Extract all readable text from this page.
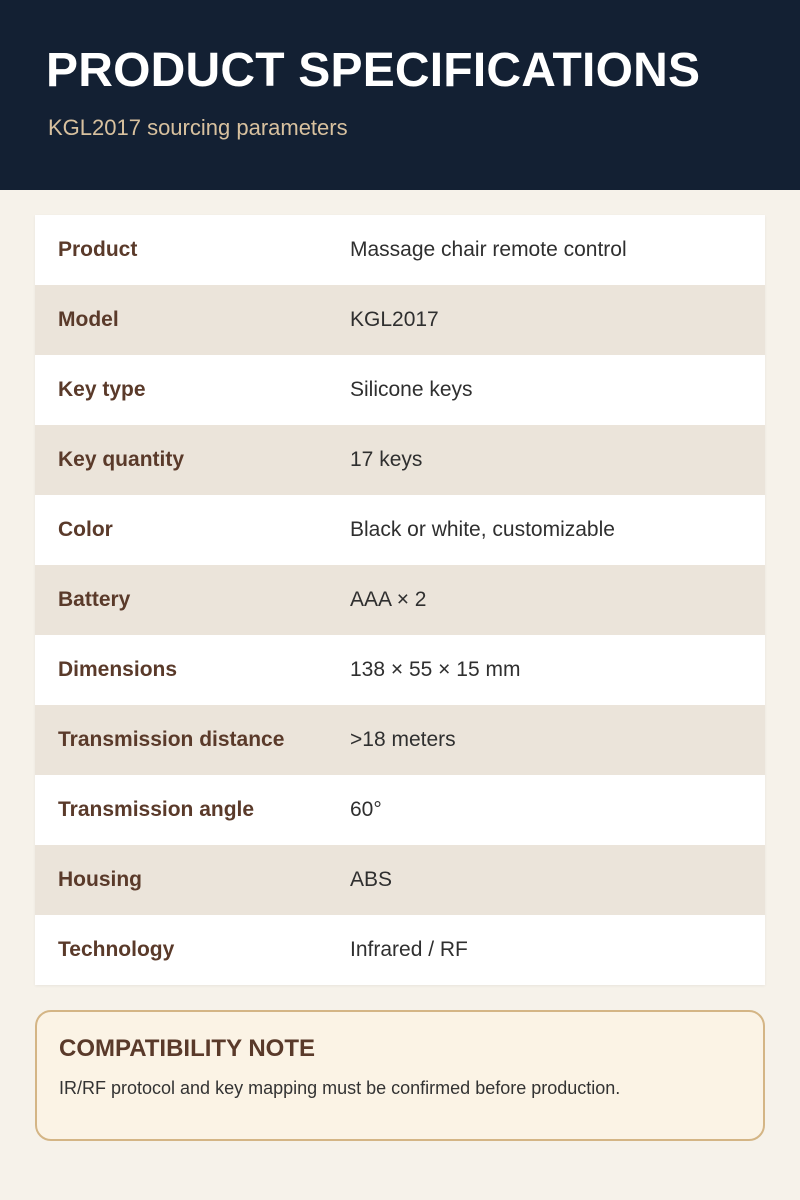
PRODUCT SPECIFICATIONS
KGL2017 sourcing parameters
Product	Massage chair remote control
Model	KGL2017
Key type	Silicone keys
Key quantity	17 keys
Color	Black or white, customizable
Battery	AAA × 2
Dimensions	138 × 55 × 15 mm
Transmission distance	>18 meters
Transmission angle	60°
Housing	ABS
Technology	Infrared / RF
COMPATIBILITY NOTE
IR/RF protocol and key mapping must be confirmed before production.
